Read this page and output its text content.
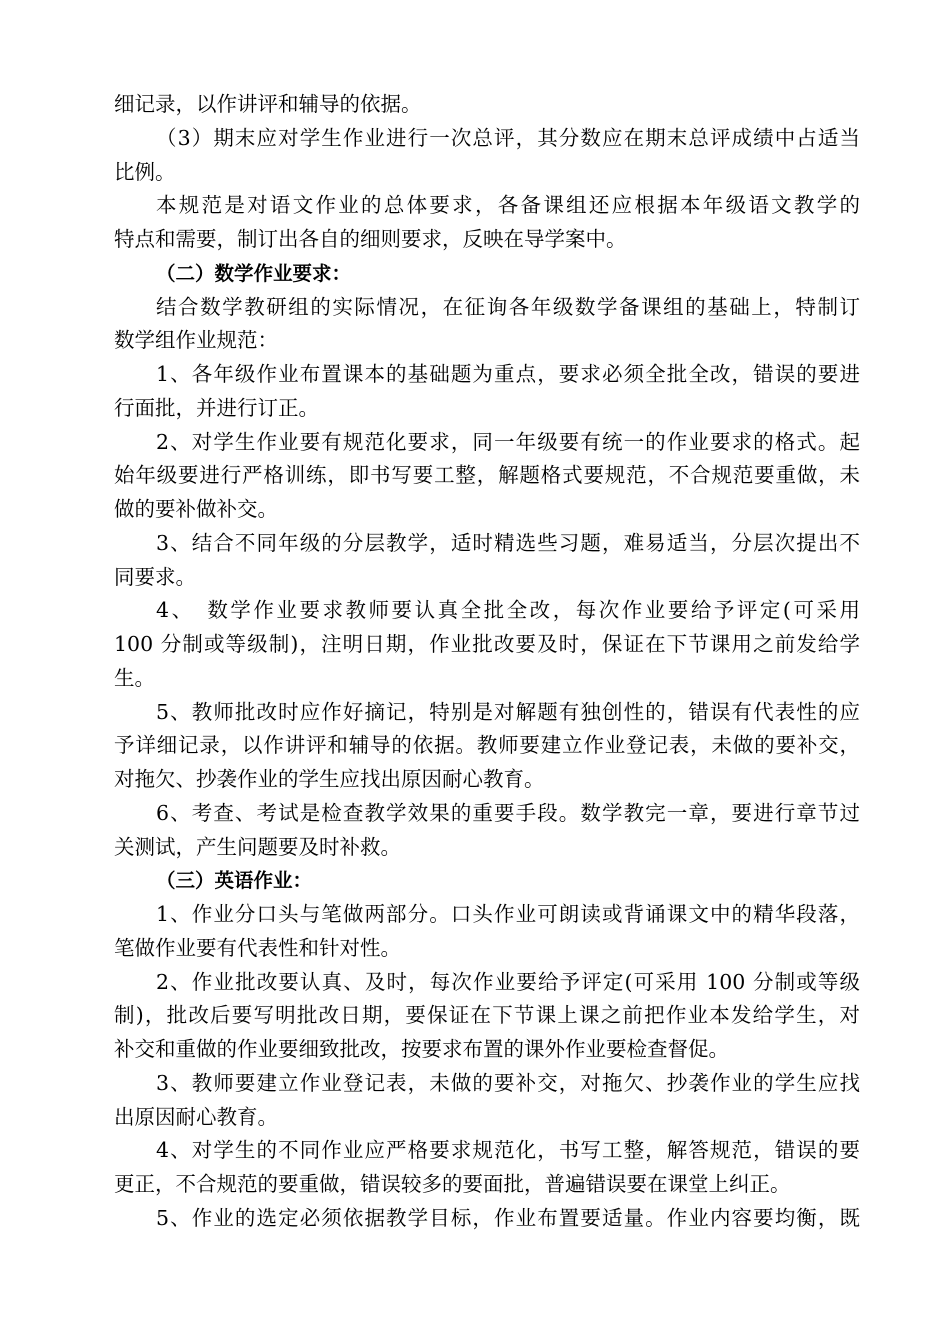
细记录，以作讲评和辅导的依据。
（3）期末应对学生作业进行一次总评，其分数应在期末总评成绩中占适当
比例。
本规范是对语文作业的总体要求，各备课组还应根据本年级语文教学的
特点和需要，制订出各自的细则要求，反映在导学案中。
（二）数学作业要求：
结合数学教研组的实际情况，在征询各年级数学备课组的基础上，特制订
数学组作业规范：
1、各年级作业布置课本的基础题为重点，要求必须全批全改，错误的要进
行面批，并进行订正。
2、对学生作业要有规范化要求，同一年级要有统一的作业要求的格式。起
始年级要进行严格训练，即书写要工整，解题格式要规范，不合规范要重做，未
做的要补做补交。
3、结合不同年级的分层教学，适时精选些习题，难易适当，分层次提出不
同要求。
4、　数学作业要求教师要认真全批全改，每次作业要给予评定(可采用
100 分制或等级制)，注明日期，作业批改要及时，保证在下节课用之前发给学
生。
5、教师批改时应作好摘记，特别是对解题有独创性的，错误有代表性的应
予详细记录，以作讲评和辅导的依据。教师要建立作业登记表，未做的要补交，
对拖欠、抄袭作业的学生应找出原因耐心教育。
6、考查、考试是检查教学效果的重要手段。数学教完一章，要进行章节过
关测试，产生问题要及时补救。
（三）英语作业：
1、作业分口头与笔做两部分。口头作业可朗读或背诵课文中的精华段落，
笔做作业要有代表性和针对性。
2、作业批改要认真、及时，每次作业要给予评定(可采用 100 分制或等级
制)，批改后要写明批改日期，要保证在下节课上课之前把作业本发给学生，对
补交和重做的作业要细致批改，按要求布置的课外作业要检查督促。
3、教师要建立作业登记表，未做的要补交，对拖欠、抄袭作业的学生应找
出原因耐心教育。
4、对学生的不同作业应严格要求规范化，书写工整，解答规范，错误的要
更正，不合规范的要重做，错误较多的要面批，普遍错误要在课堂上纠正。
5、作业的选定必须依据教学目标，作业布置要适量。作业内容要均衡，既
